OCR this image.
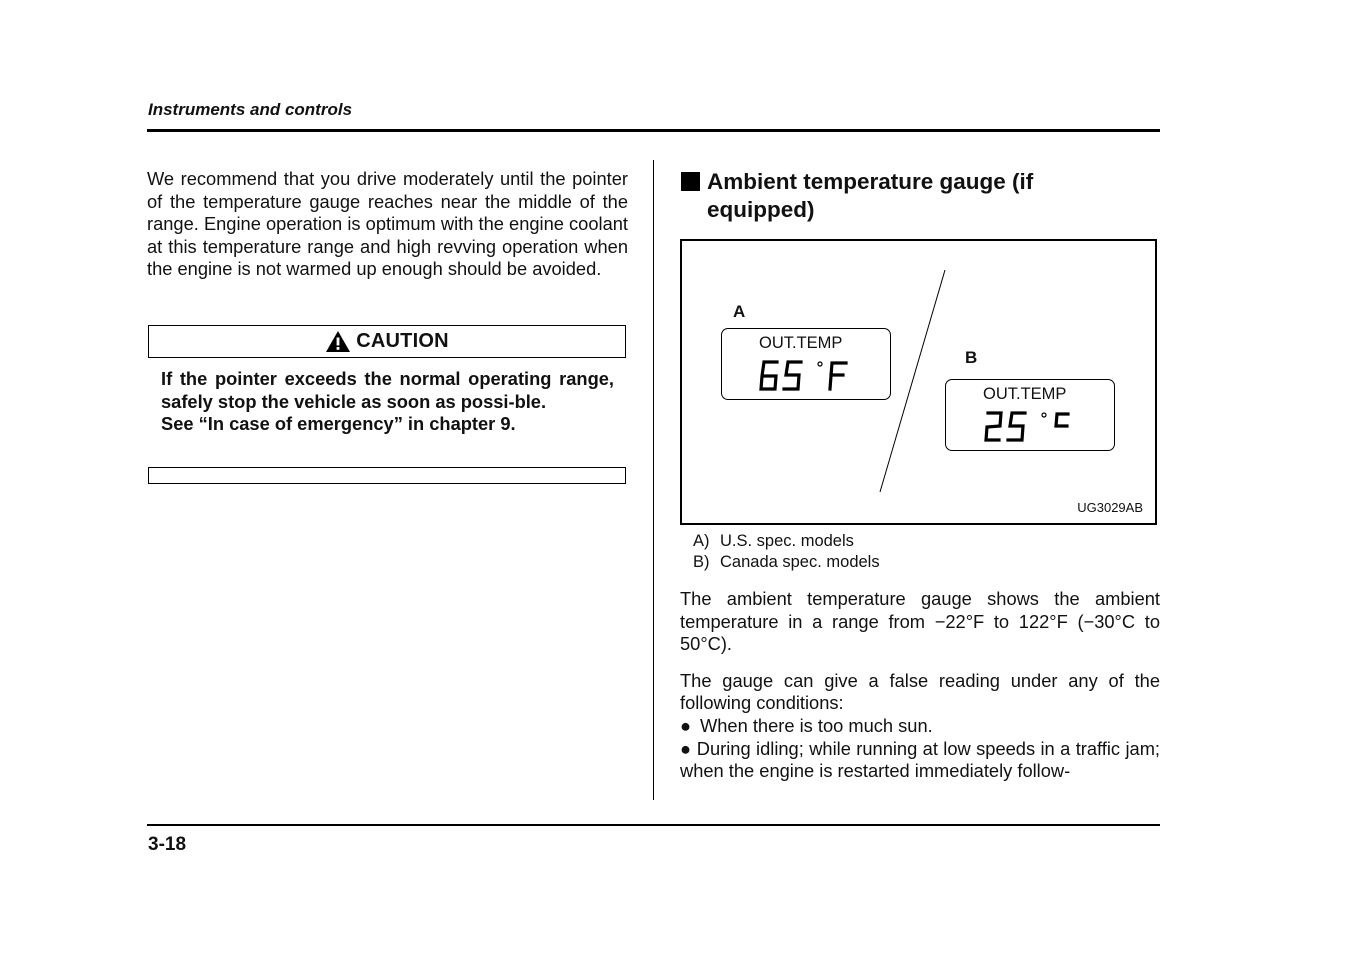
Instruments and controls

We recommend that you drive moderately until the pointer of the temperature gauge reaches near the middle of the range. Engine operation is optimum with the engine coolant at this temperature range and high revving operation when the engine is not warmed up enough should be avoided.

CAUTION

If the pointer exceeds the normal operating range, safely stop the vehicle as soon as possi-ble.

See “In case of emergency” in chapter 9.

Ambient temperature gauge (if equipped)
A
B
OUT.TEMP
OUT.TEMP
UG3029AB
A) U.S. spec. models
B) Canada spec. models

The ambient temperature gauge shows the ambient temperature in a range from −22°F to 122°F (−30°C to 50°C).

The gauge can give a false reading under any of the following conditions:
● When there is too much sun.
● During idling; while running at low speeds in a traffic jam; when the engine is restarted immediately follow-
3-18
